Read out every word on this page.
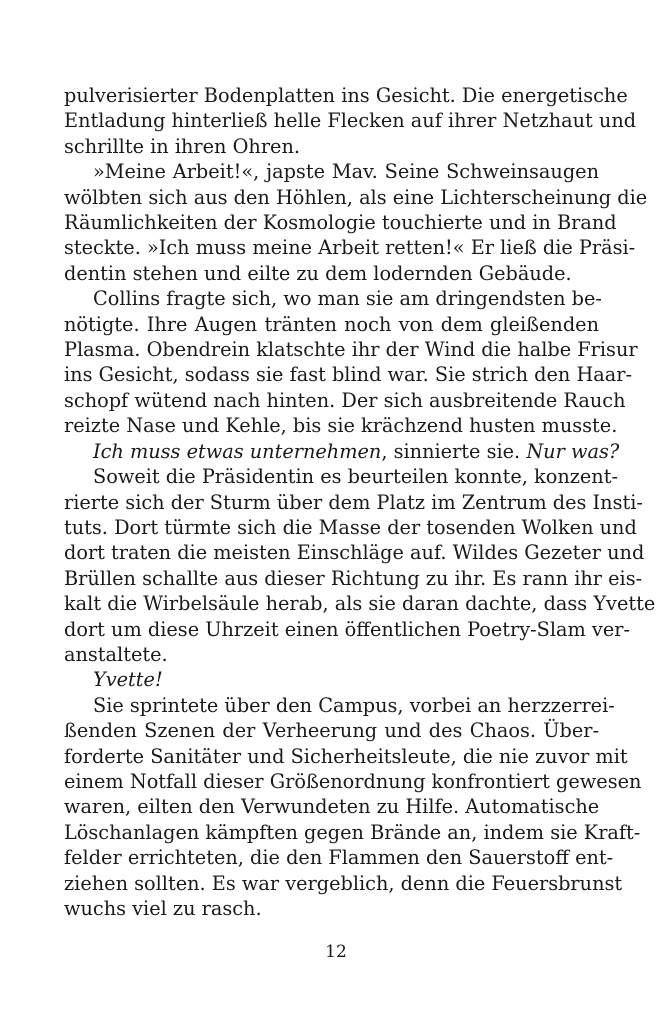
pulverisierter Bodenplatten ins Gesicht. Die energetische
Entladung hinterließ helle Flecken auf ihrer Netzhaut und
schrillte in ihren Ohren.

»Meine Arbeit!«, japste Mav. Seine Schweinsaugen
wölbten sich aus den Höhlen, als eine Lichterscheinung die
Räumlichkeiten der Kosmologie touchierte und in Brand
steckte. »Ich muss meine Arbeit retten!« Er ließ die Präsi-
dentin stehen und eilte zu dem lodernden Gebäude.

Collins fragte sich, wo man sie am dringendsten be-
nötigte. Ihre Augen tränten noch von dem gleißenden
Plasma. Obendrein klatschte ihr der Wind die halbe Frisur
ins Gesicht, sodass sie fast blind war. Sie strich den Haar-
schopf wütend nach hinten. Der sich ausbreitende Rauch
reizte Nase und Kehle, bis sie krächzend husten musste.

Ich muss etwas unternehmen, sinnierte sie. Nur was?

Soweit die Präsidentin es beurteilen konnte, konzent-
rierte sich der Sturm über dem Platz im Zentrum des Insti-
tuts. Dort türmte sich die Masse der tosenden Wolken und
dort traten die meisten Einschläge auf. Wildes Gezeter und
Brüllen schallte aus dieser Richtung zu ihr. Es rann ihr eis-
kalt die Wirbelsäule herab, als sie daran dachte, dass Yvette
dort um diese Uhrzeit einen öffentlichen Poetry-Slam ver-
anstaltete.

Yvette!

Sie sprintete über den Campus, vorbei an herzzerrei-
ßenden Szenen der Verheerung und des Chaos. Über-
forderte Sanitäter und Sicherheitsleute, die nie zuvor mit
einem Notfall dieser Größenordnung konfrontiert gewesen
waren, eilten den Verwundeten zu Hilfe. Automatische
Löschanlagen kämpften gegen Brände an, indem sie Kraft-
felder errichteten, die den Flammen den Sauerstoff ent-
ziehen sollten. Es war vergeblich, denn die Feuersbrunst
wuchs viel zu rasch.

12
